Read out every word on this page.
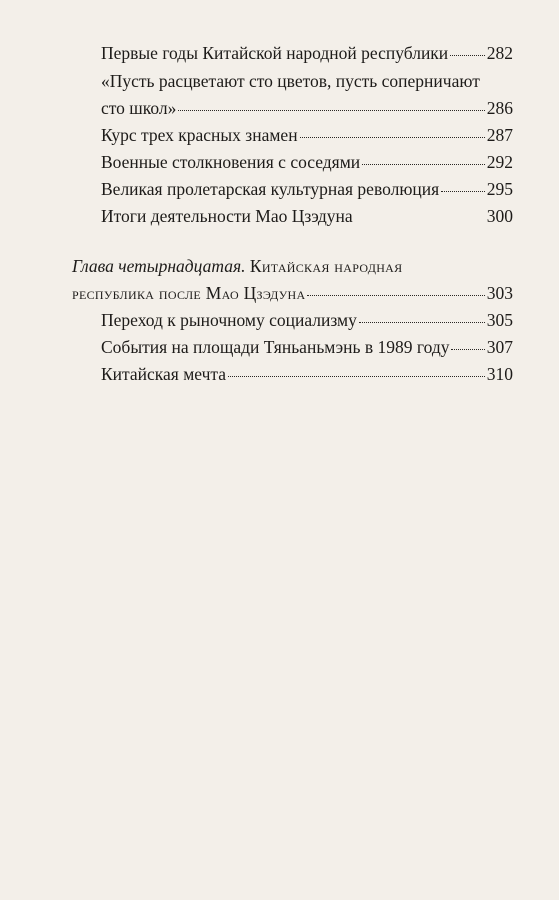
Первые годы Китайской народной республики 282
«Пусть расцветают сто цветов, пусть соперничают
сто школ»	286
Курс трех красных знамен	287
Военные столкновения с соседями	292
Великая пролетарская культурная революция	295
Итоги деятельности Мао Цзэдуна	300
Глава четырнадцатая. Китайская народная
республика после Мао Цзэдуна	303
Переход к рыночному социализму	305
События на площади Тяньаньмэнь в 1989 году 307
Китайская мечта	310
